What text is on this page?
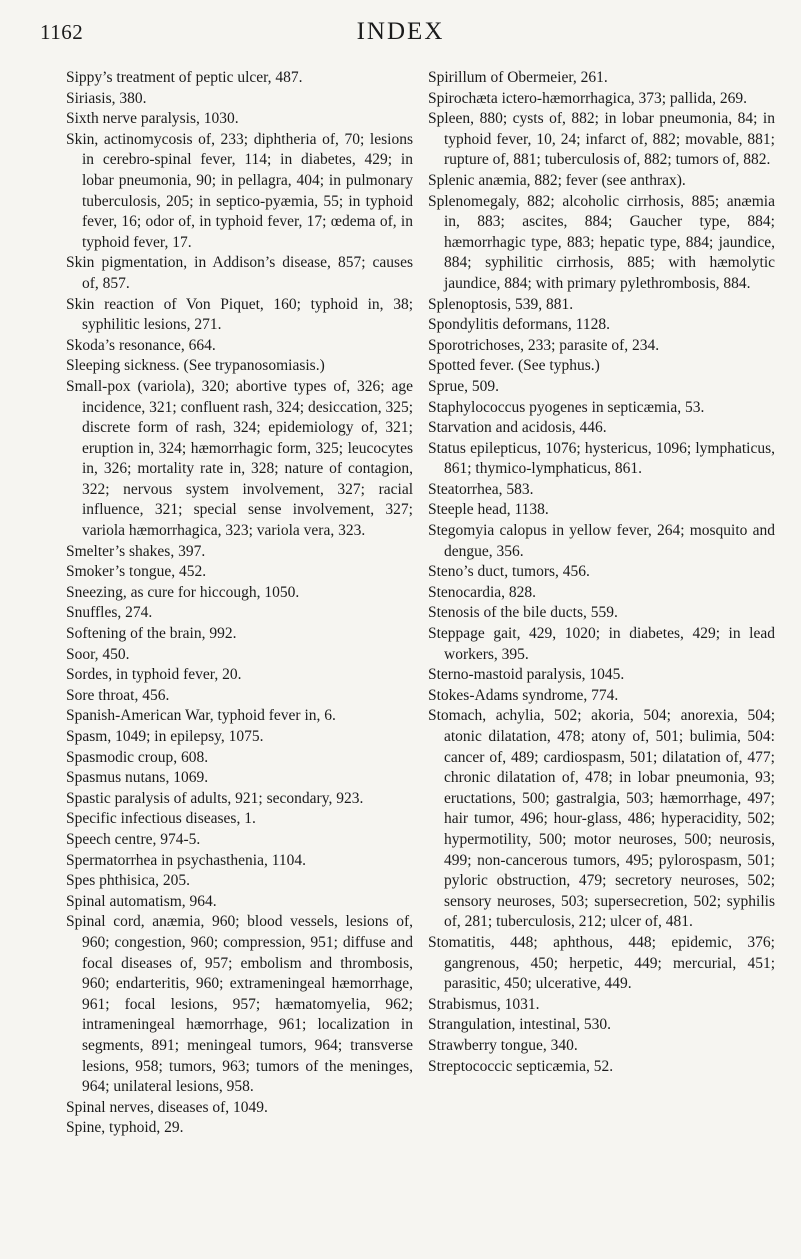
1162	INDEX

Sippy’s treatment of peptic ulcer, 487.

Siriasis, 380.

Sixth nerve paralysis, 1030.

Skin, actinomycosis of, 233; diphtheria of, 70; lesions in cerebro-spinal fever, 114; in diabetes, 429; in lobar pneumonia, 90; in pellagra, 404; in pulmonary tuberculosis, 205; in septico-pyæmia, 55; in typhoid fever, 16; odor of, in typhoid fever, 17; œdema of, in typhoid fever, 17.

Skin pigmentation, in Addison’s disease, 857; causes of, 857.

Skin reaction of Von Piquet, 160; typhoid in, 38; syphilitic lesions, 271.

Skoda’s resonance, 664.

Sleeping sickness. (See trypanosomiasis.)

Small-pox (variola), 320; abortive types of, 326; age incidence, 321; confluent rash, 324; desiccation, 325; discrete form of rash, 324; epidemiology of, 321; eruption in, 324; hæmorrhagic form, 325; leucocytes in, 326; mortality rate in, 328; nature of contagion, 322; nervous system involvement, 327; racial influence, 321; special sense involvement, 327; variola hæmorrhagica, 323; variola vera, 323.

Smelter’s shakes, 397.

Smoker’s tongue, 452.

Sneezing, as cure for hiccough, 1050.

Snuffles, 274.

Softening of the brain, 992.

Soor, 450.

Sordes, in typhoid fever, 20.

Sore throat, 456.

Spanish-American War, typhoid fever in, 6.

Spasm, 1049; in epilepsy, 1075.

Spasmodic croup, 608.

Spasmus nutans, 1069.

Spastic paralysis of adults, 921; secondary, 923.

Specific infectious diseases, 1.

Speech centre, 974-5.

Spermatorrhea in psychasthenia, 1104.

Spes phthisica, 205.

Spinal automatism, 964.

Spinal cord, anæmia, 960; blood vessels, lesions of, 960; congestion, 960; compression, 951; diffuse and focal diseases of, 957; embolism and thrombosis, 960; endarteritis, 960; extrameningeal hæmorrhage, 961; focal lesions, 957; hæmatomyelia, 962; intrameningeal hæmorrhage, 961; localization in segments, 891; meningeal tumors, 964; transverse lesions, 958; tumors, 963; tumors of the meninges, 964; unilateral lesions, 958.

Spinal nerves, diseases of, 1049.

Spine, typhoid, 29.

Spirillum of Obermeier, 261.

Spirochæta ictero-hæmorrhagica, 373; pallida, 269.

Spleen, 880; cysts of, 882; in lobar pneumonia, 84; in typhoid fever, 10, 24; infarct of, 882; movable, 881; rupture of, 881; tuberculosis of, 882; tumors of, 882.

Splenic anæmia, 882; fever (see anthrax).

Splenomegaly, 882; alcoholic cirrhosis, 885; anæmia in, 883; ascites, 884; Gaucher type, 884; hæmorrhagic type, 883; hepatic type, 884; jaundice, 884; syphilitic cirrhosis, 885; with hæmolytic jaundice, 884; with primary pylethrombosis, 884.

Splenoptosis, 539, 881.

Spondylitis deformans, 1128.

Sporotrichoses, 233; parasite of, 234.

Spotted fever. (See typhus.)

Sprue, 509.

Staphylococcus pyogenes in septicæmia, 53.

Starvation and acidosis, 446.

Status epilepticus, 1076; hystericus, 1096; lymphaticus, 861; thymico-lymphaticus, 861.

Steatorrhea, 583.

Steeple head, 1138.

Stegomyia calopus in yellow fever, 264; mosquito and dengue, 356.

Steno’s duct, tumors, 456.

Stenocardia, 828.

Stenosis of the bile ducts, 559.

Steppage gait, 429, 1020; in diabetes, 429; in lead workers, 395.

Sterno-mastoid paralysis, 1045.

Stokes-Adams syndrome, 774.

Stomach, achylia, 502; akoria, 504; anorexia, 504; atonic dilatation, 478; atony of, 501; bulimia, 504: cancer of, 489; cardiospasm, 501; dilatation of, 477; chronic dilatation of, 478; in lobar pneumonia, 93; eructations, 500; gastralgia, 503; hæmorrhage, 497; hair tumor, 496; hour-glass, 486; hyperacidity, 502; hypermotility, 500; motor neuroses, 500; neurosis, 499; non-cancerous tumors, 495; pylorospasm, 501; pyloric obstruction, 479; secretory neuroses, 502; sensory neuroses, 503; supersecretion, 502; syphilis of, 281; tuberculosis, 212; ulcer of, 481.

Stomatitis, 448; aphthous, 448; epidemic, 376; gangrenous, 450; herpetic, 449; mercurial, 451; parasitic, 450; ulcerative, 449.

Strabismus, 1031.

Strangulation, intestinal, 530.

Strawberry tongue, 340.

Streptococcic septicæmia, 52.
